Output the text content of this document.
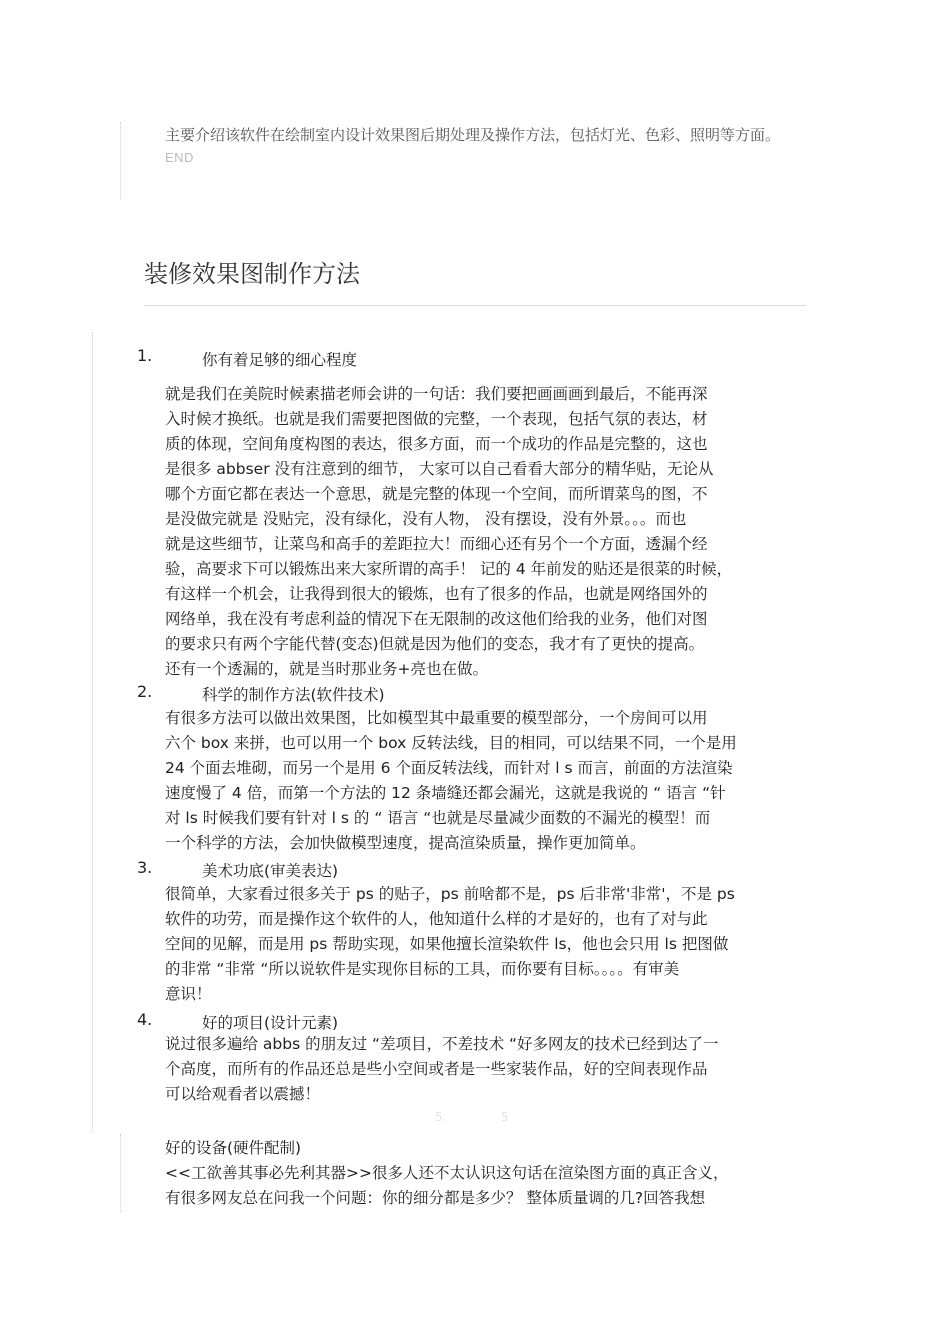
主要介绍该软件在绘制室内设计效果图后期处理及操作方法，包括灯光、色彩、照明等方面。

END
装修效果图制作方法
1.	你有着足够的细心程度
就是我们在美院时候素描老师会讲的一句话：我们要把画画画到最后，不能再深
入时候才换纸。也就是我们需要把图做的完整，一个表现，包括气氛的表达，材
质的体现，空间角度构图的表达，很多方面，而一个成功的作品是完整的，这也
是很多 abbser 没有注意到的细节， 大家可以自己看看大部分的精华贴，无论从
哪个方面它都在表达一个意思，就是完整的体现一个空间，而所谓菜鸟的图，不
是没做完就是 没贴完，没有绿化，没有人物， 没有摆设，没有外景。。。而也
就是这些细节，让菜鸟和高手的差距拉大！而细心还有另个一个方面，透漏个经
验，高要求下可以锻炼出来大家所谓的高手！ 记的 4 年前发的贴还是很菜的时候，
有这样一个机会，让我得到很大的锻炼，也有了很多的作品，也就是网络国外的
网络单，我在没有考虑利益的情况下在无限制的改这他们给我的业务，他们对图
的要求只有两个字能代替(变态)但就是因为他们的变态，我才有了更快的提高。
还有一个透漏的，就是当时那业务+亮也在做。
2.	科学的制作方法(软件技术)
有很多方法可以做出效果图，比如模型其中最重要的模型部分，一个房间可以用
六个 box 来拼，也可以用一个 box 反转法线，目的相同，可以结果不同，一个是用
24 个面去堆砌，而另一个是用 6 个面反转法线，而针对 l s 而言，前面的方法渲染
速度慢了 4 倍，而第一个方法的 12 条墙缝还都会漏光，这就是我说的 “ 语言 “针
对 ls 时候我们要有针对 l s 的 “ 语言 “也就是尽量减少面数的不漏光的模型！而
一个科学的方法，会加快做模型速度，提高渲染质量，操作更加简单。
3.	美术功底(审美表达)
很简单，大家看过很多关于 ps 的贴子，ps 前啥都不是，ps 后非常'非常'，不是 ps
软件的功劳，而是操作这个软件的人，他知道什么样的才是好的，也有了对与此
空间的见解，而是用 ps 帮助实现，如果他擅长渲染软件 ls，他也会只用 ls 把图做
的非常 “非常 “所以说软件是实现你目标的工具，而你要有目标。。。。有审美
意识！
4.	好的项目(设计元素)
说过很多遍给 abbs 的朋友过 “差项目，不差技术 “好多网友的技术已经到达了一
个高度，而所有的作品还总是些小空间或者是一些家装作品，好的空间表现作品
可以给观看者以震撼！
5.	5
好的设备(硬件配制)
<<工欲善其事必先利其器>>很多人还不太认识这句话在渲染图方面的真正含义，
有很多网友总在问我一个问题：你的细分都是多少？ 整体质量调的几?回答我想
